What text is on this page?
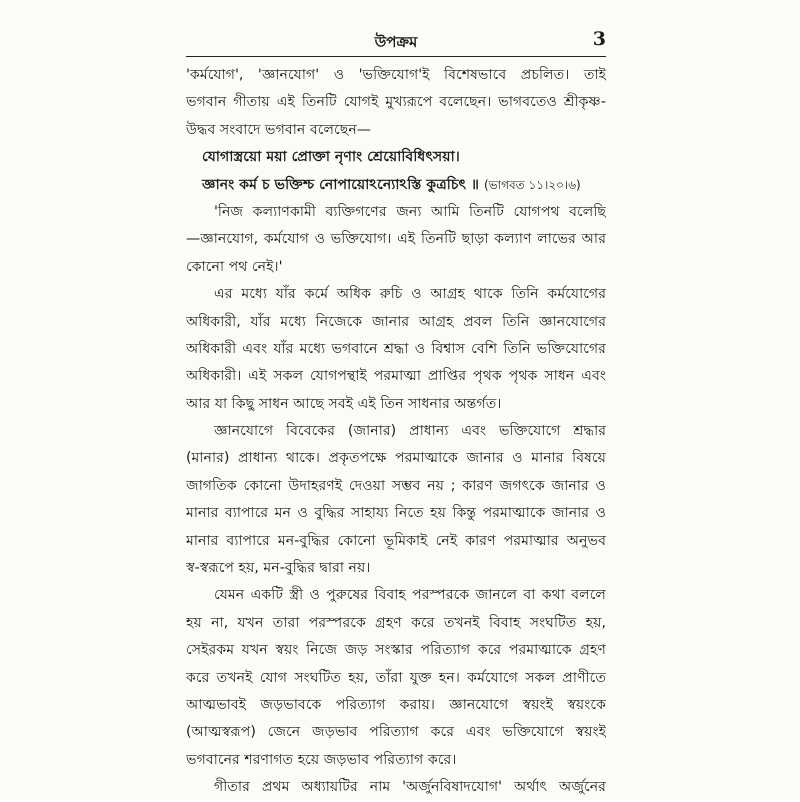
উপক্রম	3
'কর্মযোগ', 'জ্ঞানযোগ' ও 'ভক্তিযোগ'ই বিশেষভাবে প্রচলিত। তাই
ভগবান গীতায় এই তিনটি যোগই মুখ্যরূপে বলেছেন। ভাগবতেও শ্রীকৃষ্ণ-
উদ্ধব সংবাদে ভগবান বলেছেন—
যোগাস্ত্রয়ো ময়া প্রোক্তা নৃণাং শ্রেয়োবিধিৎসয়া।
জ্ঞানং কর্ম চ ভক্তিশ্চ নোপায়োঽন্যোঽস্তি কুত্রচিৎ ॥ (ভাগবত ১১।২০।৬)
'নিজ কল্যাণকামী ব্যক্তিগণের জন্য আমি তিনটি যোগপথ বলেছি
—জ্ঞানযোগ, কর্মযোগ ও ভক্তিযোগ। এই তিনটি ছাড়া কল্যাণ লাভের আর
কোনো পথ নেই।'
এর মধ্যে যাঁর কর্মে অধিক রুচি ও আগ্রহ থাকে তিনি কর্মযোগের
অধিকারী, যাঁর মধ্যে নিজেকে জানার আগ্রহ প্রবল তিনি জ্ঞানযোগের
অধিকারী এবং যাঁর মধ্যে ভগবানে শ্রদ্ধা ও বিশ্বাস বেশি তিনি ভক্তিযোগের
অধিকারী। এই সকল যোগপন্থাই পরমাত্মা প্রাপ্তির পৃথক পৃথক সাধন এবং
আর যা কিছু সাধন আছে সবই এই তিন সাধনার অন্তর্গত।
জ্ঞানযোগে বিবেকের (জানার) প্রাধান্য এবং ভক্তিযোগে শ্রদ্ধার
(মানার) প্রাধান্য থাকে। প্রকৃতপক্ষে পরমাত্মাকে জানার ও মানার বিষয়ে
জাগতিক কোনো উদাহরণই দেওয়া সম্ভব নয় ; কারণ জগৎকে জানার ও
মানার ব্যাপারে মন ও বুদ্ধির সাহায্য নিতে হয় কিন্তু পরমাত্মাকে জানার ও
মানার ব্যাপারে মন-বুদ্ধির কোনো ভূমিকাই নেই কারণ পরমাত্মার অনুভব
স্ব-স্বরূপে হয়, মন-বুদ্ধির দ্বারা নয়।
যেমন একটি স্ত্রী ও পুরুষের বিবাহ পরস্পরকে জানলে বা কথা বললে
হয় না, যখন তারা পরস্পরকে গ্রহণ করে তখনই বিবাহ সংঘটিত হয়,
সেইরকম যখন স্বয়ং নিজে জড় সংস্কার পরিত্যাগ করে পরমাত্মাকে গ্রহণ
করে তখনই যোগ সংঘটিত হয়, তাঁরা যুক্ত হন। কর্মযোগে সকল প্রাণীতে
আত্মভাবই জড়ভাবকে পরিত্যাগ করায়। জ্ঞানযোগে স্বয়ংই স্বয়ংকে
(আত্মস্বরূপ) জেনে জড়ভাব পরিত্যাগ করে এবং ভক্তিযোগে স্বয়ংই
ভগবানের শরণাগত হয়ে জড়ভাব পরিত্যাগ করে।
গীতার প্রথম অধ্যায়টির নাম 'অর্জুনবিষাদযোগ' অর্থাৎ অর্জুনের
